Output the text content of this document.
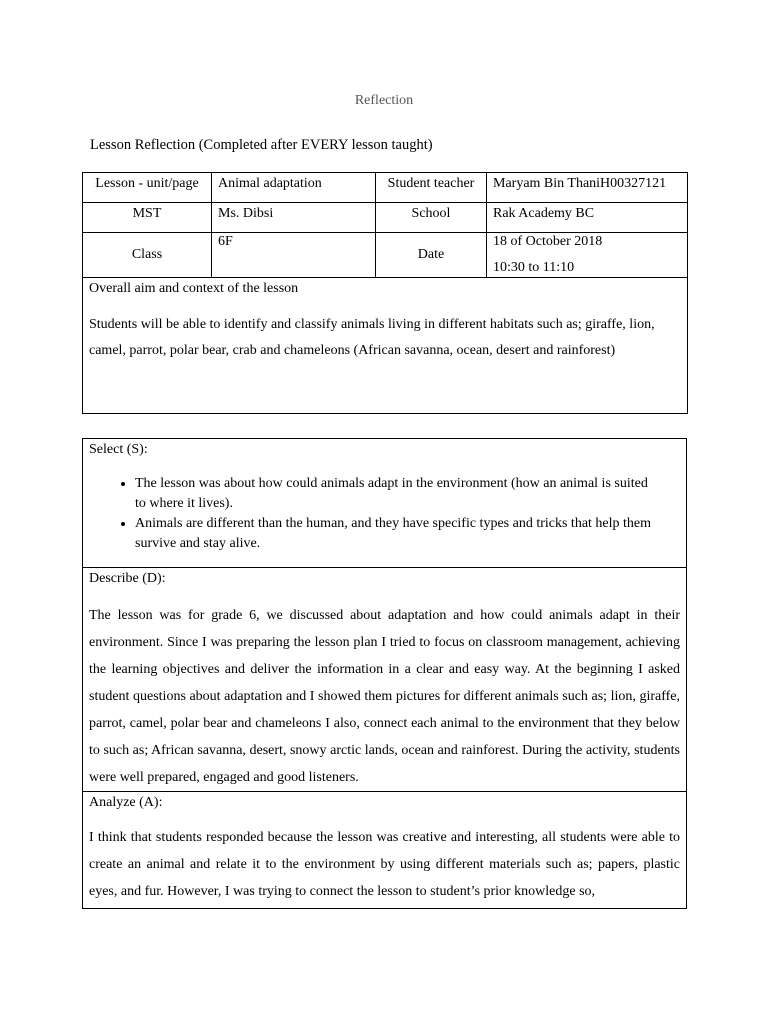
Reflection
Lesson Reflection (Completed after EVERY lesson taught)
Lesson - unit/page	Animal adaptation	Student teacher	Maryam Bin ThaniH00327121
MST	Ms. Dibsi	School	Rak Academy BC
Class	6F	Date	18 of October 2018
10:30 to 11:10

Overall aim and context of the lesson
Students will be able to identify and classify animals living in different habitats such as; giraffe, lion, camel, parrot, polar bear, crab and chameleons (African savanna, ocean, desert and rainforest)			
Select (S):
• The lesson was about how could animals adapt in the environment (how an animal is suited to where it lives).
• Animals are different than the human, and they have specific types and tricks that help them survive and stay alive.

Describe (D):
The lesson was for grade 6, we discussed about adaptation and how could animals adapt in their environment. Since I was preparing the lesson plan I tried to focus on classroom management, achieving the learning objectives and deliver the information in a clear and easy way. At the beginning I asked student questions about adaptation and I showed them pictures for different animals such as; lion, giraffe, parrot, camel, polar bear and chameleons I also, connect each animal to the environment that they below to such as; African savanna, desert, snowy arctic lands, ocean and rainforest. During the activity, students were well prepared, engaged and good listeners.

Analyze (A):
I think that students responded because the lesson was creative and interesting, all students were able to create an animal and relate it to the environment by using different materials such as; papers, plastic eyes, and fur. However, I was trying to connect the lesson to student’s prior knowledge so,
